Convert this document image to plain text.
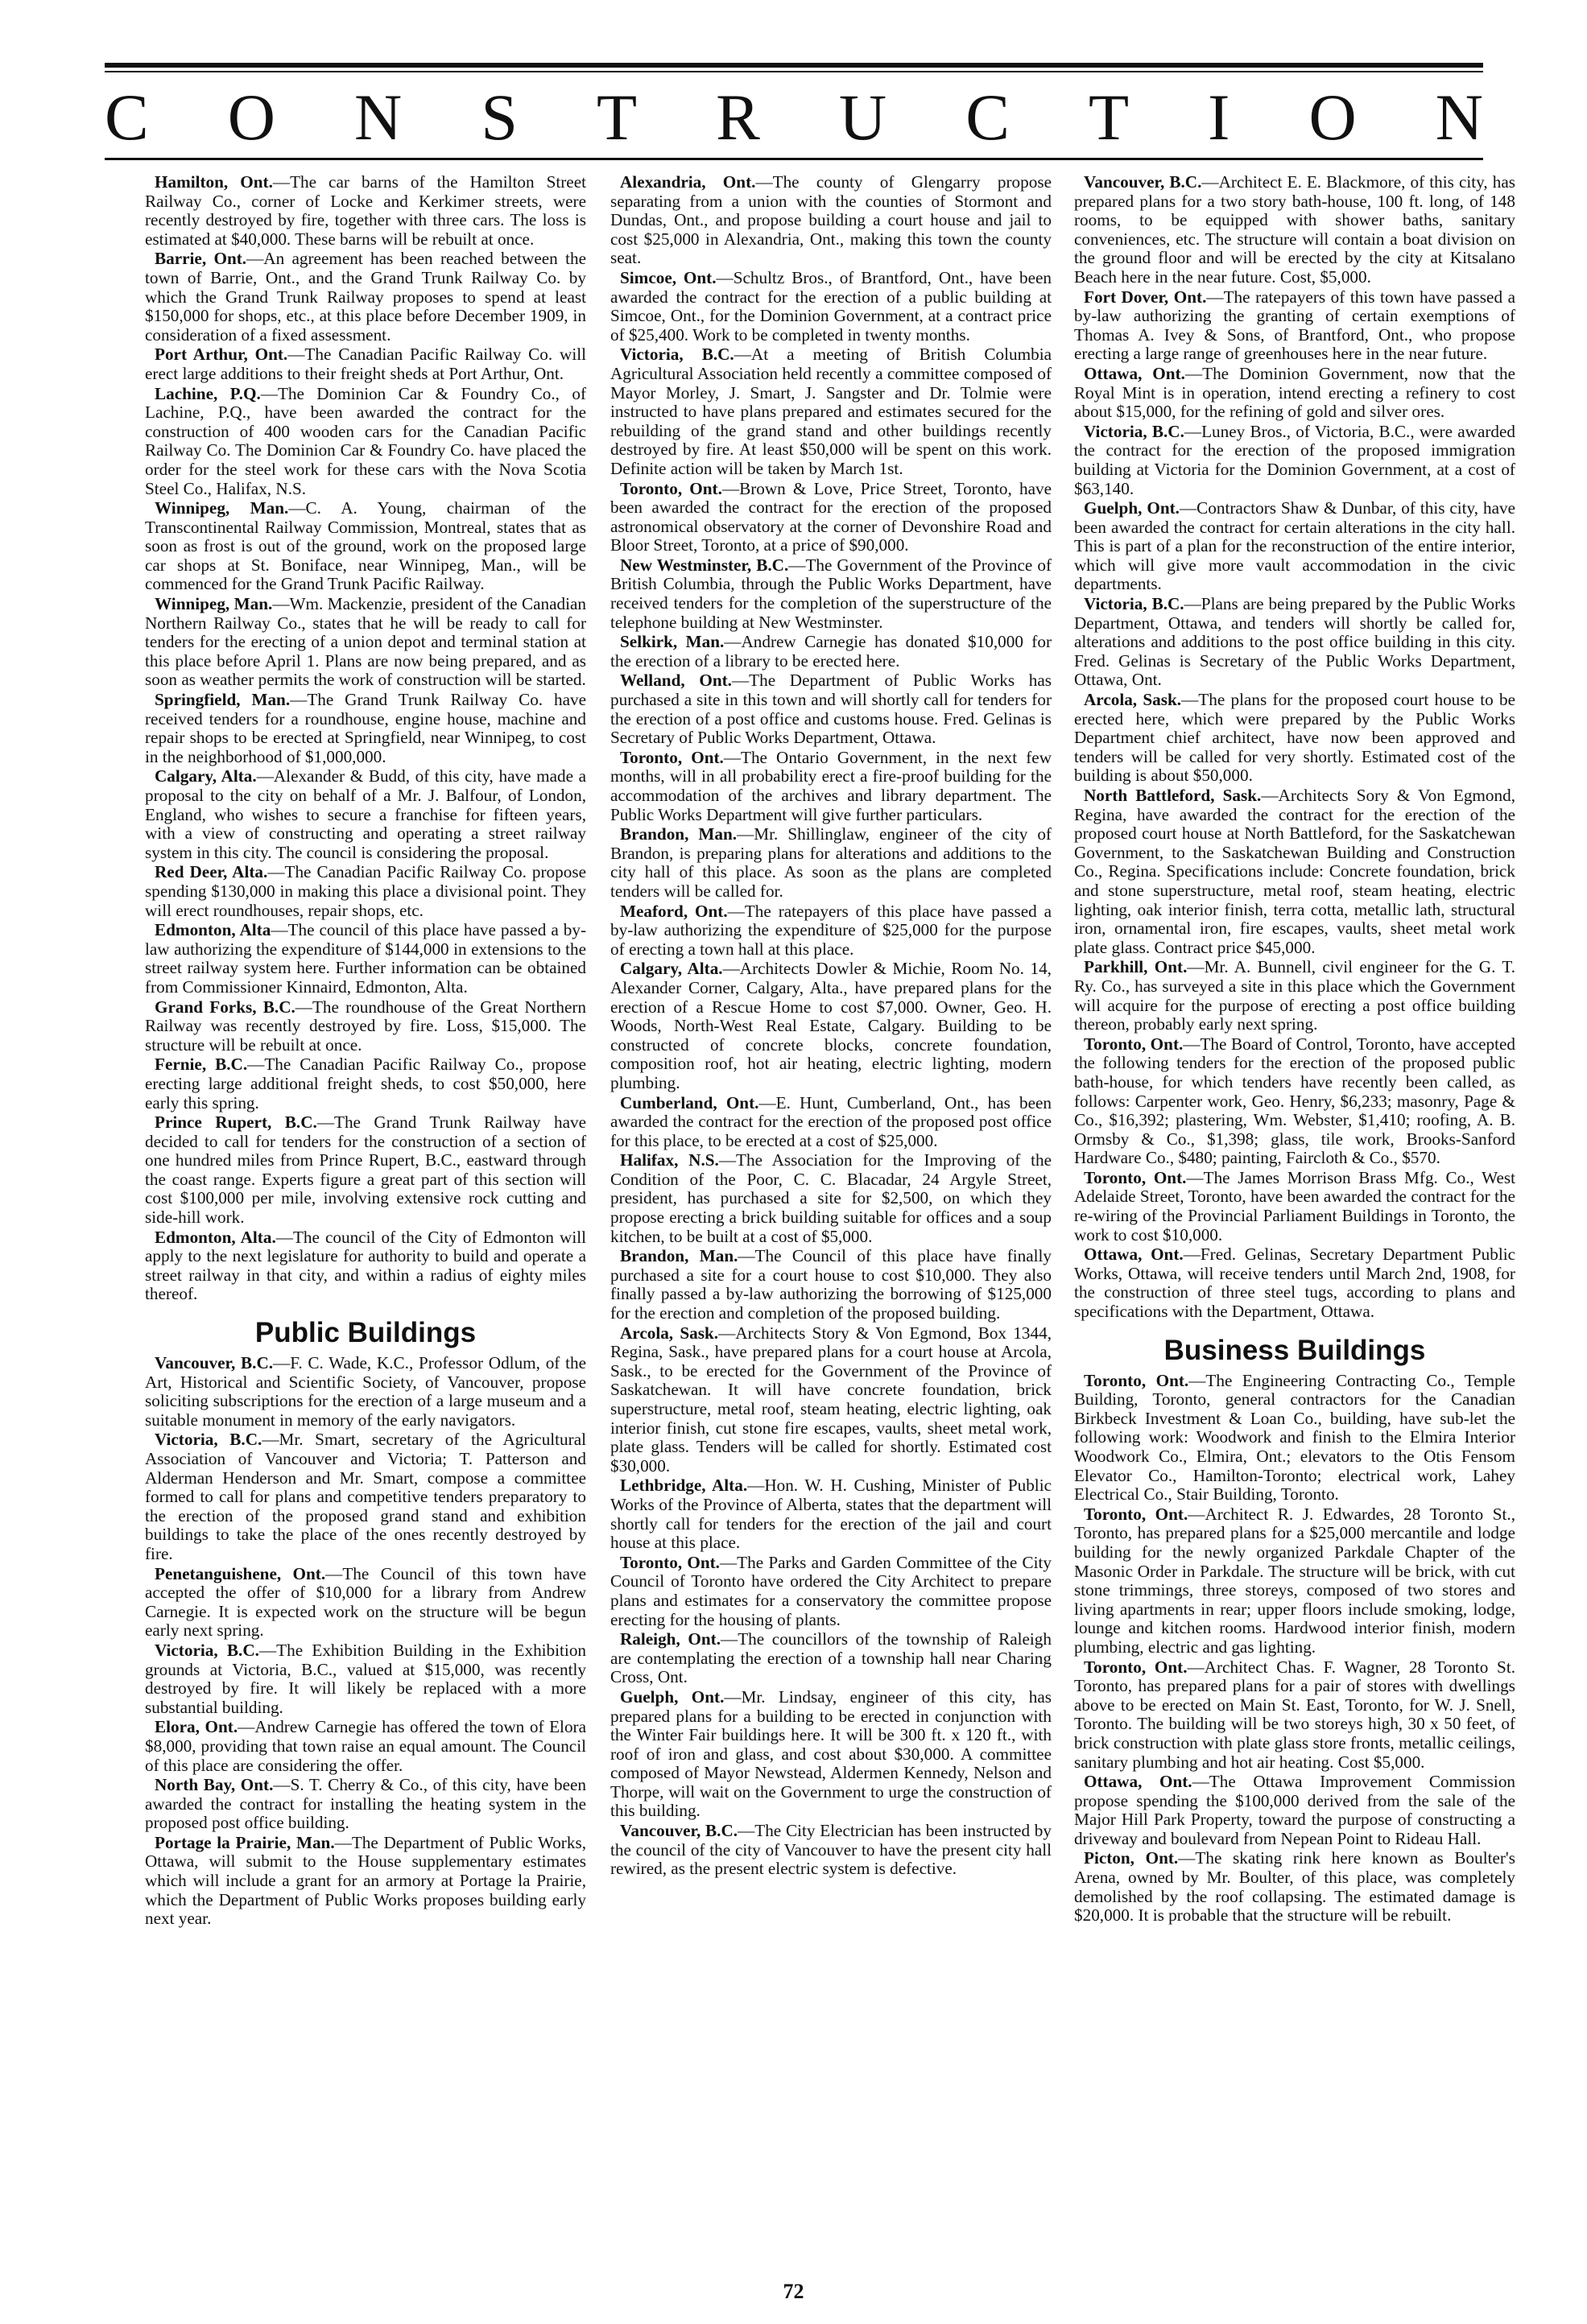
C O N S T R U C T I O N

Hamilton, Ont.—The car barns of the Hamilton Street Railway Co., corner of Locke and Kerkimer streets, were recently destroyed by fire, together with three cars. The loss is estimated at $40,000. These barns will be rebuilt at once.

Barrie, Ont.—An agreement has been reached between the town of Barrie, Ont., and the Grand Trunk Railway Co. by which the Grand Trunk Railway proposes to spend at least $150,000 for shops, etc., at this place before December 1909, in consideration of a fixed assessment.

Port Arthur, Ont.—The Canadian Pacific Railway Co. will erect large additions to their freight sheds at Port Arthur, Ont.

Lachine, P.Q.—The Dominion Car & Foundry Co., of Lachine, P.Q., have been awarded the contract for the construction of 400 wooden cars for the Canadian Pacific Railway Co. The Dominion Car & Foundry Co. have placed the order for the steel work for these cars with the Nova Scotia Steel Co., Halifax, N.S.

Winnipeg, Man.—C. A. Young, chairman of the Transcontinental Railway Commission, Montreal, states that as soon as frost is out of the ground, work on the proposed large car shops at St. Boniface, near Winnipeg, Man., will be commenced for the Grand Trunk Pacific Railway.

Winnipeg, Man.—Wm. Mackenzie, president of the Canadian Northern Railway Co., states that he will be ready to call for tenders for the erecting of a union depot and terminal station at this place before April 1. Plans are now being prepared, and as soon as weather permits the work of construction will be started.

Springfield, Man.—The Grand Trunk Railway Co. have received tenders for a roundhouse, engine house, machine and repair shops to be erected at Springfield, near Winnipeg, to cost in the neighborhood of $1,000,000.

Calgary, Alta.—Alexander & Budd, of this city, have made a proposal to the city on behalf of a Mr. J. Balfour, of London, England, who wishes to secure a franchise for fifteen years, with a view of constructing and operating a street railway system in this city. The council is considering the proposal.

Red Deer, Alta.—The Canadian Pacific Railway Co. propose spending $130,000 in making this place a divisional point. They will erect roundhouses, repair shops, etc.

Edmonton, Alta—The council of this place have passed a by-law authorizing the expenditure of $144,000 in extensions to the street railway system here. Further information can be obtained from Commissioner Kinnaird, Edmonton, Alta.

Grand Forks, B.C.—The roundhouse of the Great Northern Railway was recently destroyed by fire. Loss, $15,000. The structure will be rebuilt at once.

Fernie, B.C.—The Canadian Pacific Railway Co., propose erecting large additional freight sheds, to cost $50,000, here early this spring.

Prince Rupert, B.C.—The Grand Trunk Railway have decided to call for tenders for the construction of a section of one hundred miles from Prince Rupert, B.C., eastward through the coast range. Experts figure a great part of this section will cost $100,000 per mile, involving extensive rock cutting and side-hill work.

Edmonton, Alta.—The council of the City of Edmonton will apply to the next legislature for authority to build and operate a street railway in that city, and within a radius of eighty miles thereof.

Public Buildings

Vancouver, B.C.—F. C. Wade, K.C., Professor Odlum, of the Art, Historical and Scientific Society, of Vancouver, propose soliciting subscriptions for the erection of a large museum and a suitable monument in memory of the early navigators.

Victoria, B.C.—Mr. Smart, secretary of the Agricultural Association of Vancouver and Victoria; T. Patterson and Alderman Henderson and Mr. Smart, compose a committee formed to call for plans and competitive tenders preparatory to the erection of the proposed grand stand and exhibition buildings to take the place of the ones recently destroyed by fire.

Penetanguishene, Ont.—The Council of this town have accepted the offer of $10,000 for a library from Andrew Carnegie. It is expected work on the structure will be begun early next spring.

Victoria, B.C.—The Exhibition Building in the Exhibition grounds at Victoria, B.C., valued at $15,000, was recently destroyed by fire. It will likely be replaced with a more substantial building.

Elora, Ont.—Andrew Carnegie has offered the town of Elora $8,000, providing that town raise an equal amount. The Council of this place are considering the offer.

North Bay, Ont.—S. T. Cherry & Co., of this city, have been awarded the contract for installing the heating system in the proposed post office building.

Portage la Prairie, Man.—The Department of Public Works, Ottawa, will submit to the House supplementary estimates which will include a grant for an armory at Portage la Prairie, which the Department of Public Works proposes building early next year.

Alexandria, Ont.—The county of Glengarry propose separating from a union with the counties of Stormont and Dundas, Ont., and propose building a court house and jail to cost $25,000 in Alexandria, Ont., making this town the county seat.

Simcoe, Ont.—Schultz Bros., of Brantford, Ont., have been awarded the contract for the erection of a public building at Simcoe, Ont., for the Dominion Government, at a contract price of $25,400. Work to be completed in twenty months.

Victoria, B.C.—At a meeting of British Columbia Agricultural Association held recently a committee composed of Mayor Morley, J. Smart, J. Sangster and Dr. Tolmie were instructed to have plans prepared and estimates secured for the rebuilding of the grand stand and other buildings recently destroyed by fire. At least $50,000 will be spent on this work. Definite action will be taken by March 1st.

Toronto, Ont.—Brown & Love, Price Street, Toronto, have been awarded the contract for the erection of the proposed astronomical observatory at the corner of Devonshire Road and Bloor Street, Toronto, at a price of $90,000.

New Westminster, B.C.—The Government of the Province of British Columbia, through the Public Works Department, have received tenders for the completion of the superstructure of the telephone building at New Westminster.

Selkirk, Man.—Andrew Carnegie has donated $10,000 for the erection of a library to be erected here.

Welland, Ont.—The Department of Public Works has purchased a site in this town and will shortly call for tenders for the erection of a post office and customs house. Fred. Gelinas is Secretary of Public Works Department, Ottawa.

Toronto, Ont.—The Ontario Government, in the next few months, will in all probability erect a fire-proof building for the accommodation of the archives and library department. The Public Works Department will give further particulars.

Brandon, Man.—Mr. Shillinglaw, engineer of the city of Brandon, is preparing plans for alterations and additions to the city hall of this place. As soon as the plans are completed tenders will be called for.

Meaford, Ont.—The ratepayers of this place have passed a by-law authorizing the expenditure of $25,000 for the purpose of erecting a town hall at this place.

Calgary, Alta.—Architects Dowler & Michie, Room No. 14, Alexander Corner, Calgary, Alta., have prepared plans for the erection of a Rescue Home to cost $7,000. Owner, Geo. H. Woods, North-West Real Estate, Calgary. Building to be constructed of concrete blocks, concrete foundation, composition roof, hot air heating, electric lighting, modern plumbing.

Cumberland, Ont.—E. Hunt, Cumberland, Ont., has been awarded the contract for the erection of the proposed post office for this place, to be erected at a cost of $25,000.

Halifax, N.S.—The Association for the Improving of the Condition of the Poor, C. C. Blacadar, 24 Argyle Street, president, has purchased a site for $2,500, on which they propose erecting a brick building suitable for offices and a soup kitchen, to be built at a cost of $5,000.

Brandon, Man.—The Council of this place have finally purchased a site for a court house to cost $10,000. They also finally passed a by-law authorizing the borrowing of $125,000 for the erection and completion of the proposed building.

Arcola, Sask.—Architects Story & Von Egmond, Box 1344, Regina, Sask., have prepared plans for a court house at Arcola, Sask., to be erected for the Government of the Province of Saskatchewan. It will have concrete foundation, brick superstructure, metal roof, steam heating, electric lighting, oak interior finish, cut stone fire escapes, vaults, sheet metal work, plate glass. Tenders will be called for shortly. Estimated cost $30,000.

Lethbridge, Alta.—Hon. W. H. Cushing, Minister of Public Works of the Province of Alberta, states that the department will shortly call for tenders for the erection of the jail and court house at this place.

Toronto, Ont.—The Parks and Garden Committee of the City Council of Toronto have ordered the City Architect to prepare plans and estimates for a conservatory the committee propose erecting for the housing of plants.

Raleigh, Ont.—The councillors of the township of Raleigh are contemplating the erection of a township hall near Charing Cross, Ont.

Guelph, Ont.—Mr. Lindsay, engineer of this city, has prepared plans for a building to be erected in conjunction with the Winter Fair buildings here. It will be 300 ft. x 120 ft., with roof of iron and glass, and cost about $30,000. A committee composed of Mayor Newstead, Aldermen Kennedy, Nelson and Thorpe, will wait on the Government to urge the construction of this building.

Vancouver, B.C.—The City Electrician has been instructed by the council of the city of Vancouver to have the present city hall rewired, as the present electric system is defective.

Vancouver, B.C.—Architect E. E. Blackmore, of this city, has prepared plans for a two story bath-house, 100 ft. long, of 148 rooms, to be equipped with shower baths, sanitary conveniences, etc. The structure will contain a boat division on the ground floor and will be erected by the city at Kitsalano Beach here in the near future. Cost, $5,000.

Fort Dover, Ont.—The ratepayers of this town have passed a by-law authorizing the granting of certain exemptions of Thomas A. Ivey & Sons, of Brantford, Ont., who propose erecting a large range of greenhouses here in the near future.

Ottawa, Ont.—The Dominion Government, now that the Royal Mint is in operation, intend erecting a refinery to cost about $15,000, for the refining of gold and silver ores.

Victoria, B.C.—Luney Bros., of Victoria, B.C., were awarded the contract for the erection of the proposed immigration building at Victoria for the Dominion Government, at a cost of $63,140.

Guelph, Ont.—Contractors Shaw & Dunbar, of this city, have been awarded the contract for certain alterations in the city hall. This is part of a plan for the reconstruction of the entire interior, which will give more vault accommodation in the civic departments.

Victoria, B.C.—Plans are being prepared by the Public Works Department, Ottawa, and tenders will shortly be called for, alterations and additions to the post office building in this city. Fred. Gelinas is Secretary of the Public Works Department, Ottawa, Ont.

Arcola, Sask.—The plans for the proposed court house to be erected here, which were prepared by the Public Works Department chief architect, have now been approved and tenders will be called for very shortly. Estimated cost of the building is about $50,000.

North Battleford, Sask.—Architects Sory & Von Egmond, Regina, have awarded the contract for the erection of the proposed court house at North Battleford, for the Saskatchewan Government, to the Saskatchewan Building and Construction Co., Regina. Specifications include: Concrete foundation, brick and stone superstructure, metal roof, steam heating, electric lighting, oak interior finish, terra cotta, metallic lath, structural iron, ornamental iron, fire escapes, vaults, sheet metal work plate glass. Contract price $45,000.

Parkhill, Ont.—Mr. A. Bunnell, civil engineer for the G. T. Ry. Co., has surveyed a site in this place which the Government will acquire for the purpose of erecting a post office building thereon, probably early next spring.

Toronto, Ont.—The Board of Control, Toronto, have accepted the following tenders for the erection of the proposed public bath-house, for which tenders have recently been called, as follows: Carpenter work, Geo. Henry, $6,233; masonry, Page & Co., $16,392; plastering, Wm. Webster, $1,410; roofing, A. B. Ormsby & Co., $1,398; glass, tile work, Brooks-Sanford Hardware Co., $480; painting, Faircloth & Co., $570.

Toronto, Ont.—The James Morrison Brass Mfg. Co., West Adelaide Street, Toronto, have been awarded the contract for the re-wiring of the Provincial Parliament Buildings in Toronto, the work to cost $10,000.

Ottawa, Ont.—Fred. Gelinas, Secretary Department Public Works, Ottawa, will receive tenders until March 2nd, 1908, for the construction of three steel tugs, according to plans and specifications with the Department, Ottawa.

Business Buildings

Toronto, Ont.—The Engineering Contracting Co., Temple Building, Toronto, general contractors for the Canadian Birkbeck Investment & Loan Co., building, have sub-let the following work: Woodwork and finish to the Elmira Interior Woodwork Co., Elmira, Ont.; elevators to the Otis Fensom Elevator Co., Hamilton-Toronto; electrical work, Lahey Electrical Co., Stair Building, Toronto.

Toronto, Ont.—Architect R. J. Edwardes, 28 Toronto St., Toronto, has prepared plans for a $25,000 mercantile and lodge building for the newly organized Parkdale Chapter of the Masonic Order in Parkdale. The structure will be brick, with cut stone trimmings, three storeys, composed of two stores and living apartments in rear; upper floors include smoking, lodge, lounge and kitchen rooms. Hardwood interior finish, modern plumbing, electric and gas lighting.

Toronto, Ont.—Architect Chas. F. Wagner, 28 Toronto St. Toronto, has prepared plans for a pair of stores with dwellings above to be erected on Main St. East, Toronto, for W. J. Snell, Toronto. The building will be two storeys high, 30 x 50 feet, of brick construction with plate glass store fronts, metallic ceilings, sanitary plumbing and hot air heating. Cost $5,000.

Ottawa, Ont.—The Ottawa Improvement Commission propose spending the $100,000 derived from the sale of the Major Hill Park Property, toward the purpose of constructing a driveway and boulevard from Nepean Point to Rideau Hall.

Picton, Ont.—The skating rink here known as Boulter's Arena, owned by Mr. Boulter, of this place, was completely demolished by the roof collapsing. The estimated damage is $20,000. It is probable that the structure will be rebuilt.

72
